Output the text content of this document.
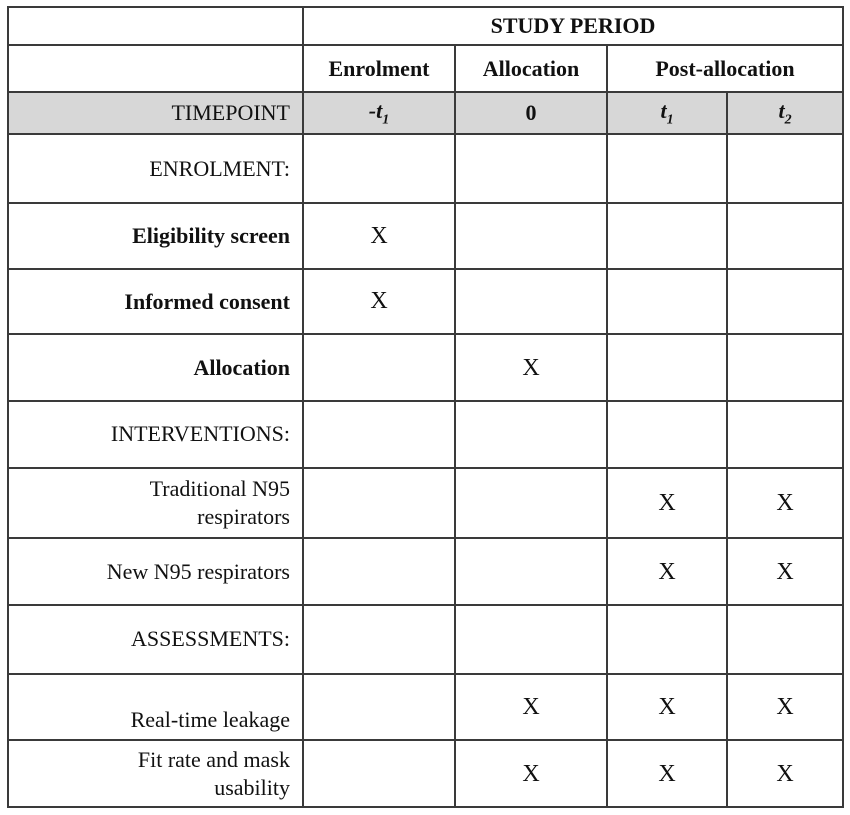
	STUDY PERIOD			
	Enrolment	Allocation	Post-allocation	
TIMEPOINT	$-t_1$	0	$t_1$	$t_2$
ENROLMENT:				
Eligibility screen	X			
Informed consent	X			
Allocation		X		
INTERVENTIONS:				
Traditional N95
respirators			X	X
New N95 respirators			X	X
ASSESSMENTS:				
Real-time leakage		X	X	X
Fit rate and mask
usability		X	X	X
